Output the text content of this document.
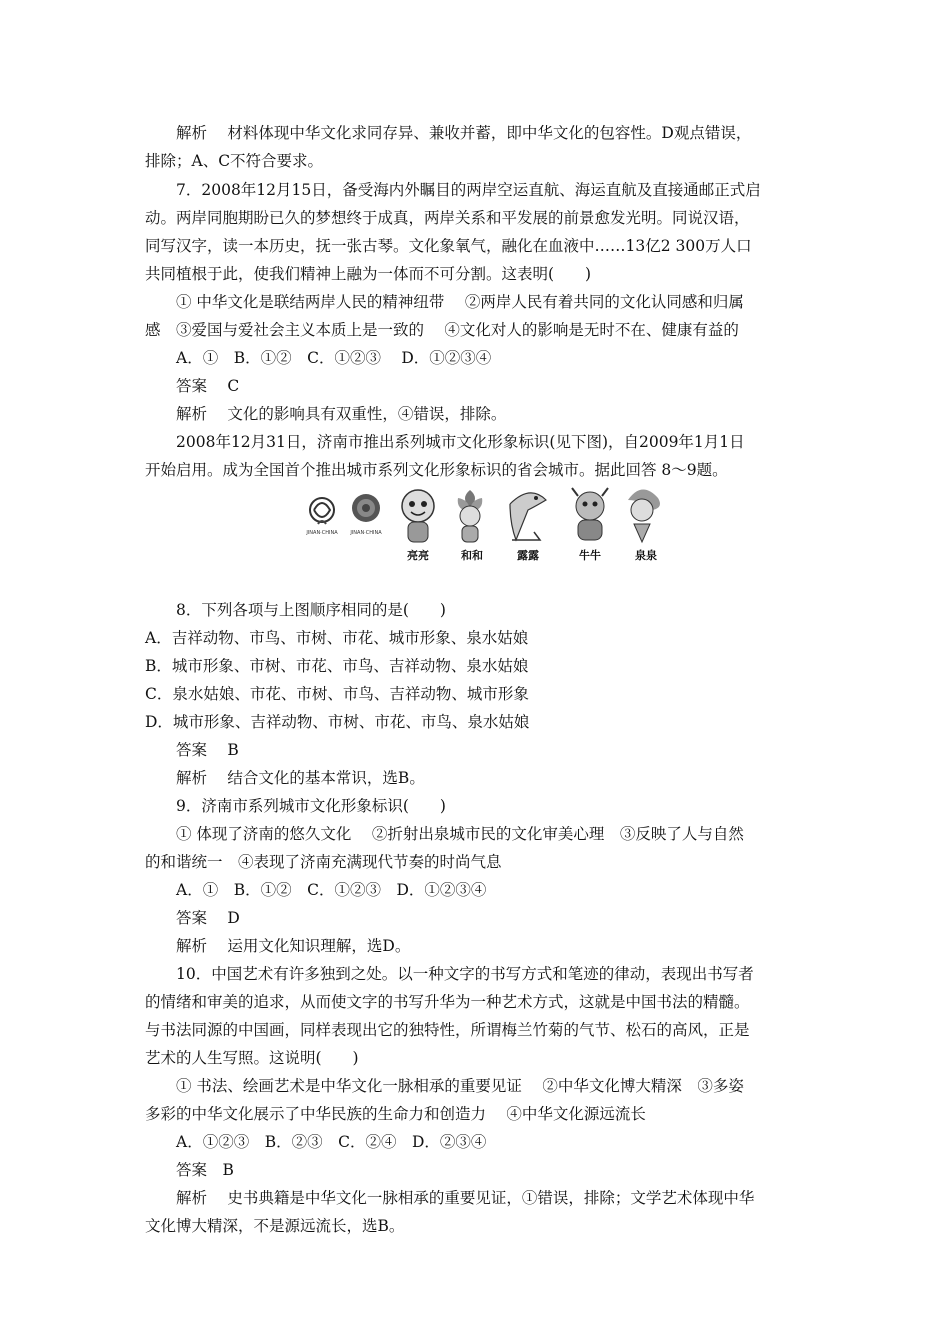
解析　 材料体现中华文化求同存异、兼收并蓄，即中华文化的包容性。D观点错误，
排除；A、C不符合要求。
7．2008年12月15日，备受海内外瞩目的两岸空运直航、海运直航及直接通邮正式启
动。两岸同胞期盼已久的梦想终于成真，两岸关系和平发展的前景愈发光明。同说汉语，
同写汉字，读一本历史，抚一张古琴。文化象氧气，融化在血液中……13亿2 300万人口
共同植根于此，使我们精神上融为一体而不可分割。这表明(　　)
① 中华文化是联结两岸人民的精神纽带　 ②两岸人民有着共同的文化认同感和归属
感　③爱国与爱社会主义本质上是一致的　 ④文化对人的影响是无时不在、健康有益的
A．①　B．①②　C．①②③　 D．①②③④
答案　 C
解析　 文化的影响具有双重性，④错误，排除。
2008年12月31日，济南市推出系列城市文化形象标识(见下图)，自2009年1月1日
开始启用。成为全国首个推出城市系列文化形象标识的省会城市。据此回答 8～9题。
8．下列各项与上图顺序相同的是(　　)
A．吉祥动物、市鸟、市树、市花、城市形象、泉水姑娘
B．城市形象、市树、市花、市鸟、吉祥动物、泉水姑娘
C．泉水姑娘、市花、市树、市鸟、吉祥动物、城市形象
D．城市形象、吉祥动物、市树、市花、市鸟、泉水姑娘
答案　 B
解析　 结合文化的基本常识，选B。
9．济南市系列城市文化形象标识(　　)
① 体现了济南的悠久文化　 ②折射出泉城市民的文化审美心理　③反映了人与自然
的和谐统一　④表现了济南充满现代节奏的时尚气息
A．①　B．①②　C．①②③　D．①②③④
答案　 D
解析　 运用文化知识理解，选D。
10．中国艺术有许多独到之处。以一种文字的书写方式和笔迹的律动，表现出书写者
的情绪和审美的追求，从而使文字的书写升华为一种艺术方式，这就是中国书法的精髓。
与书法同源的中国画，同样表现出它的独特性，所谓梅兰竹菊的气节、松石的高风，正是
艺术的人生写照。这说明(　　)
① 书法、绘画艺术是中华文化一脉相承的重要见证　 ②中华文化博大精深　③多姿
多彩的中华文化展示了中华民族的生命力和创造力　 ④中华文化源远流长
A．①②③　B．②③　C．②④　D．②③④
答案　B
解析　 史书典籍是中华文化一脉相承的重要见证，①错误，排除；文学艺术体现中华
文化博大精深，不是源远流长，选B。
JINAN·CHINA	JINAN·CHINA
亮亮	和和	露露	牛牛	泉泉
